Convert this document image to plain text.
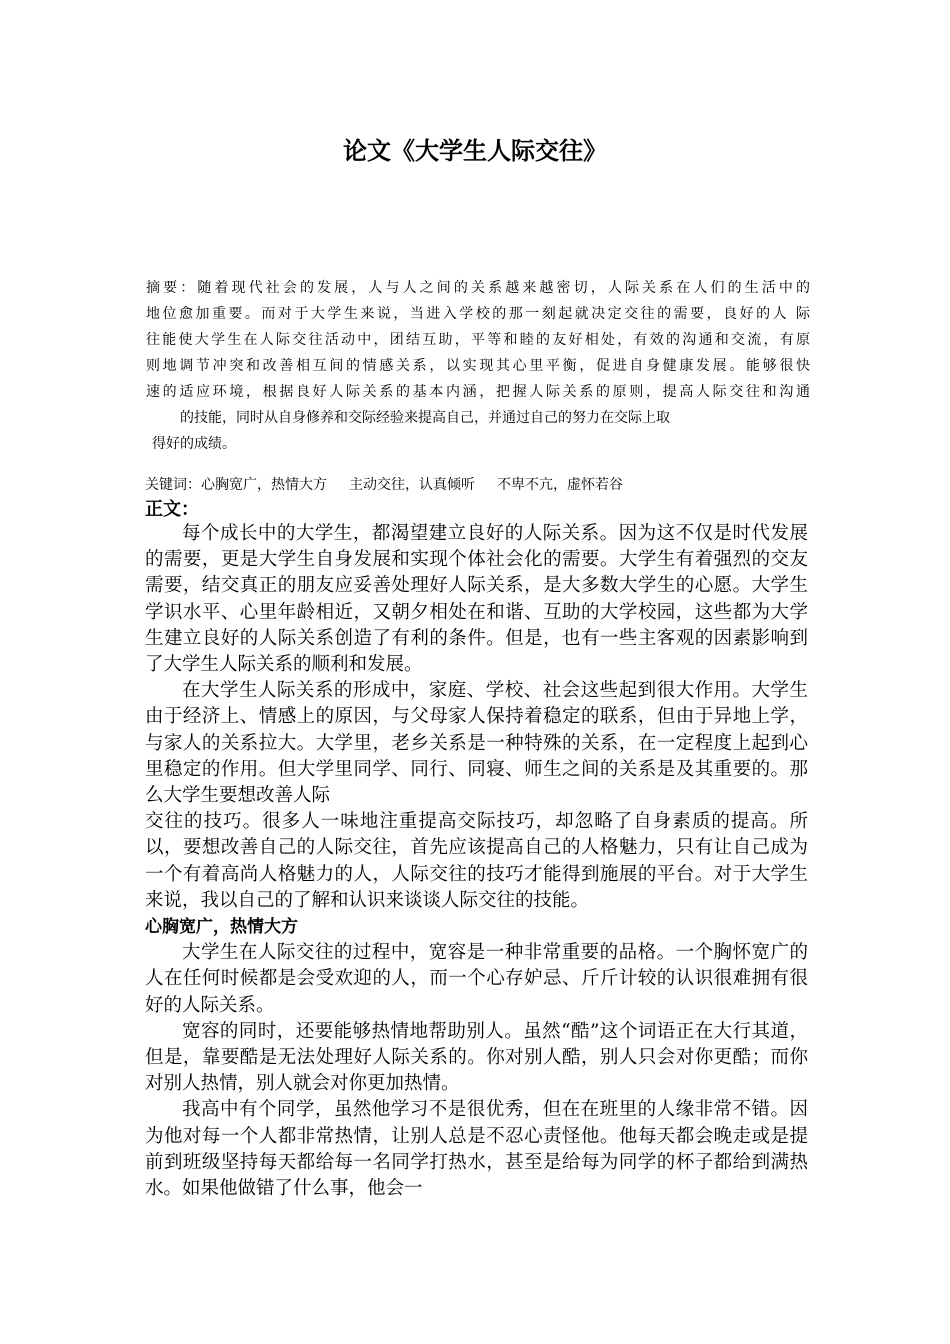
论文《大学生人际交往》
摘要：随着现代社会的发展，人与人之间的关系越来越密切，人际关系在人们的生活中的
地位愈加重要。而对于大学生来说，当进入学校的那一刻起就决定交往的需要，良好的人 际
往能使大学生在人际交往活动中，团结互助，平等和睦的友好相处，有效的沟通和交流，有原
则地调节冲突和改善相互间的情感关系，以实现其心里平衡，促进自身健康发展。能够很快
速的适应环境，根据良好人际关系的基本内涵，把握人际关系的原则，提高人际交往和沟通
的技能，同时从自身修养和交际经验来提高自己，并通过自己的努力在交际上取
得好的成绩。
关键词：心胸宽广，热情大方 主动交往，认真倾听 不卑不亢，虚怀若谷
正文：

每个成长中的大学生，都渴望建立良好的人际关系。因为这不仅是时代发展的需要，更是大学生自身发展和实现个体社会化的需要。大学生有着强烈的交友需要，结交真正的朋友应妥善处理好人际关系，是大多数大学生的心愿。大学生学识水平、心里年龄相近，又朝夕相处在和谐、互助的大学校园，这些都为大学生建立良好的人际关系创造了有利的条件。但是，也有一些主客观的因素影响到了大学生人际关系的顺利和发展。

在大学生人际关系的形成中，家庭、学校、社会这些起到很大作用。大学生由于经济上、情感上的原因，与父母家人保持着稳定的联系，但由于异地上学，与家人的关系拉大。大学里，老乡关系是一种特殊的关系，在一定程度上起到心里稳定的作用。但大学里同学、同行、同寝、师生之间的关系是及其重要的。那么大学生要想改善人际

交往的技巧。很多人一味地注重提高交际技巧，却忽略了自身素质的提高。所以，要想改善自己的人际交往，首先应该提高自己的人格魅力，只有让自己成为一个有着高尚人格魅力的人，人际交往的技巧才能得到施展的平台。对于大学生来说，我以自己的了解和认识来谈谈人际交往的技能。

心胸宽广，热情大方

大学生在人际交往的过程中，宽容是一种非常重要的品格。一个胸怀宽广的人在任何时候都是会受欢迎的人，而一个心存妒忌、斤斤计较的认识很难拥有很好的人际关系。

宽容的同时，还要能够热情地帮助别人。虽然“酷”这个词语正在大行其道，但是，靠要酷是无法处理好人际关系的。你对别人酷，别人只会对你更酷；而你对别人热情，别人就会对你更加热情。

我高中有个同学，虽然他学习不是很优秀，但在在班里的人缘非常不错。因为他对每一个人都非常热情，让别人总是不忍心责怪他。他每天都会晚走或是提前到班级坚持每天都给每一名同学打热水，甚至是给每为同学的杯子都给到满热水。如果他做错了什么事，他会一
